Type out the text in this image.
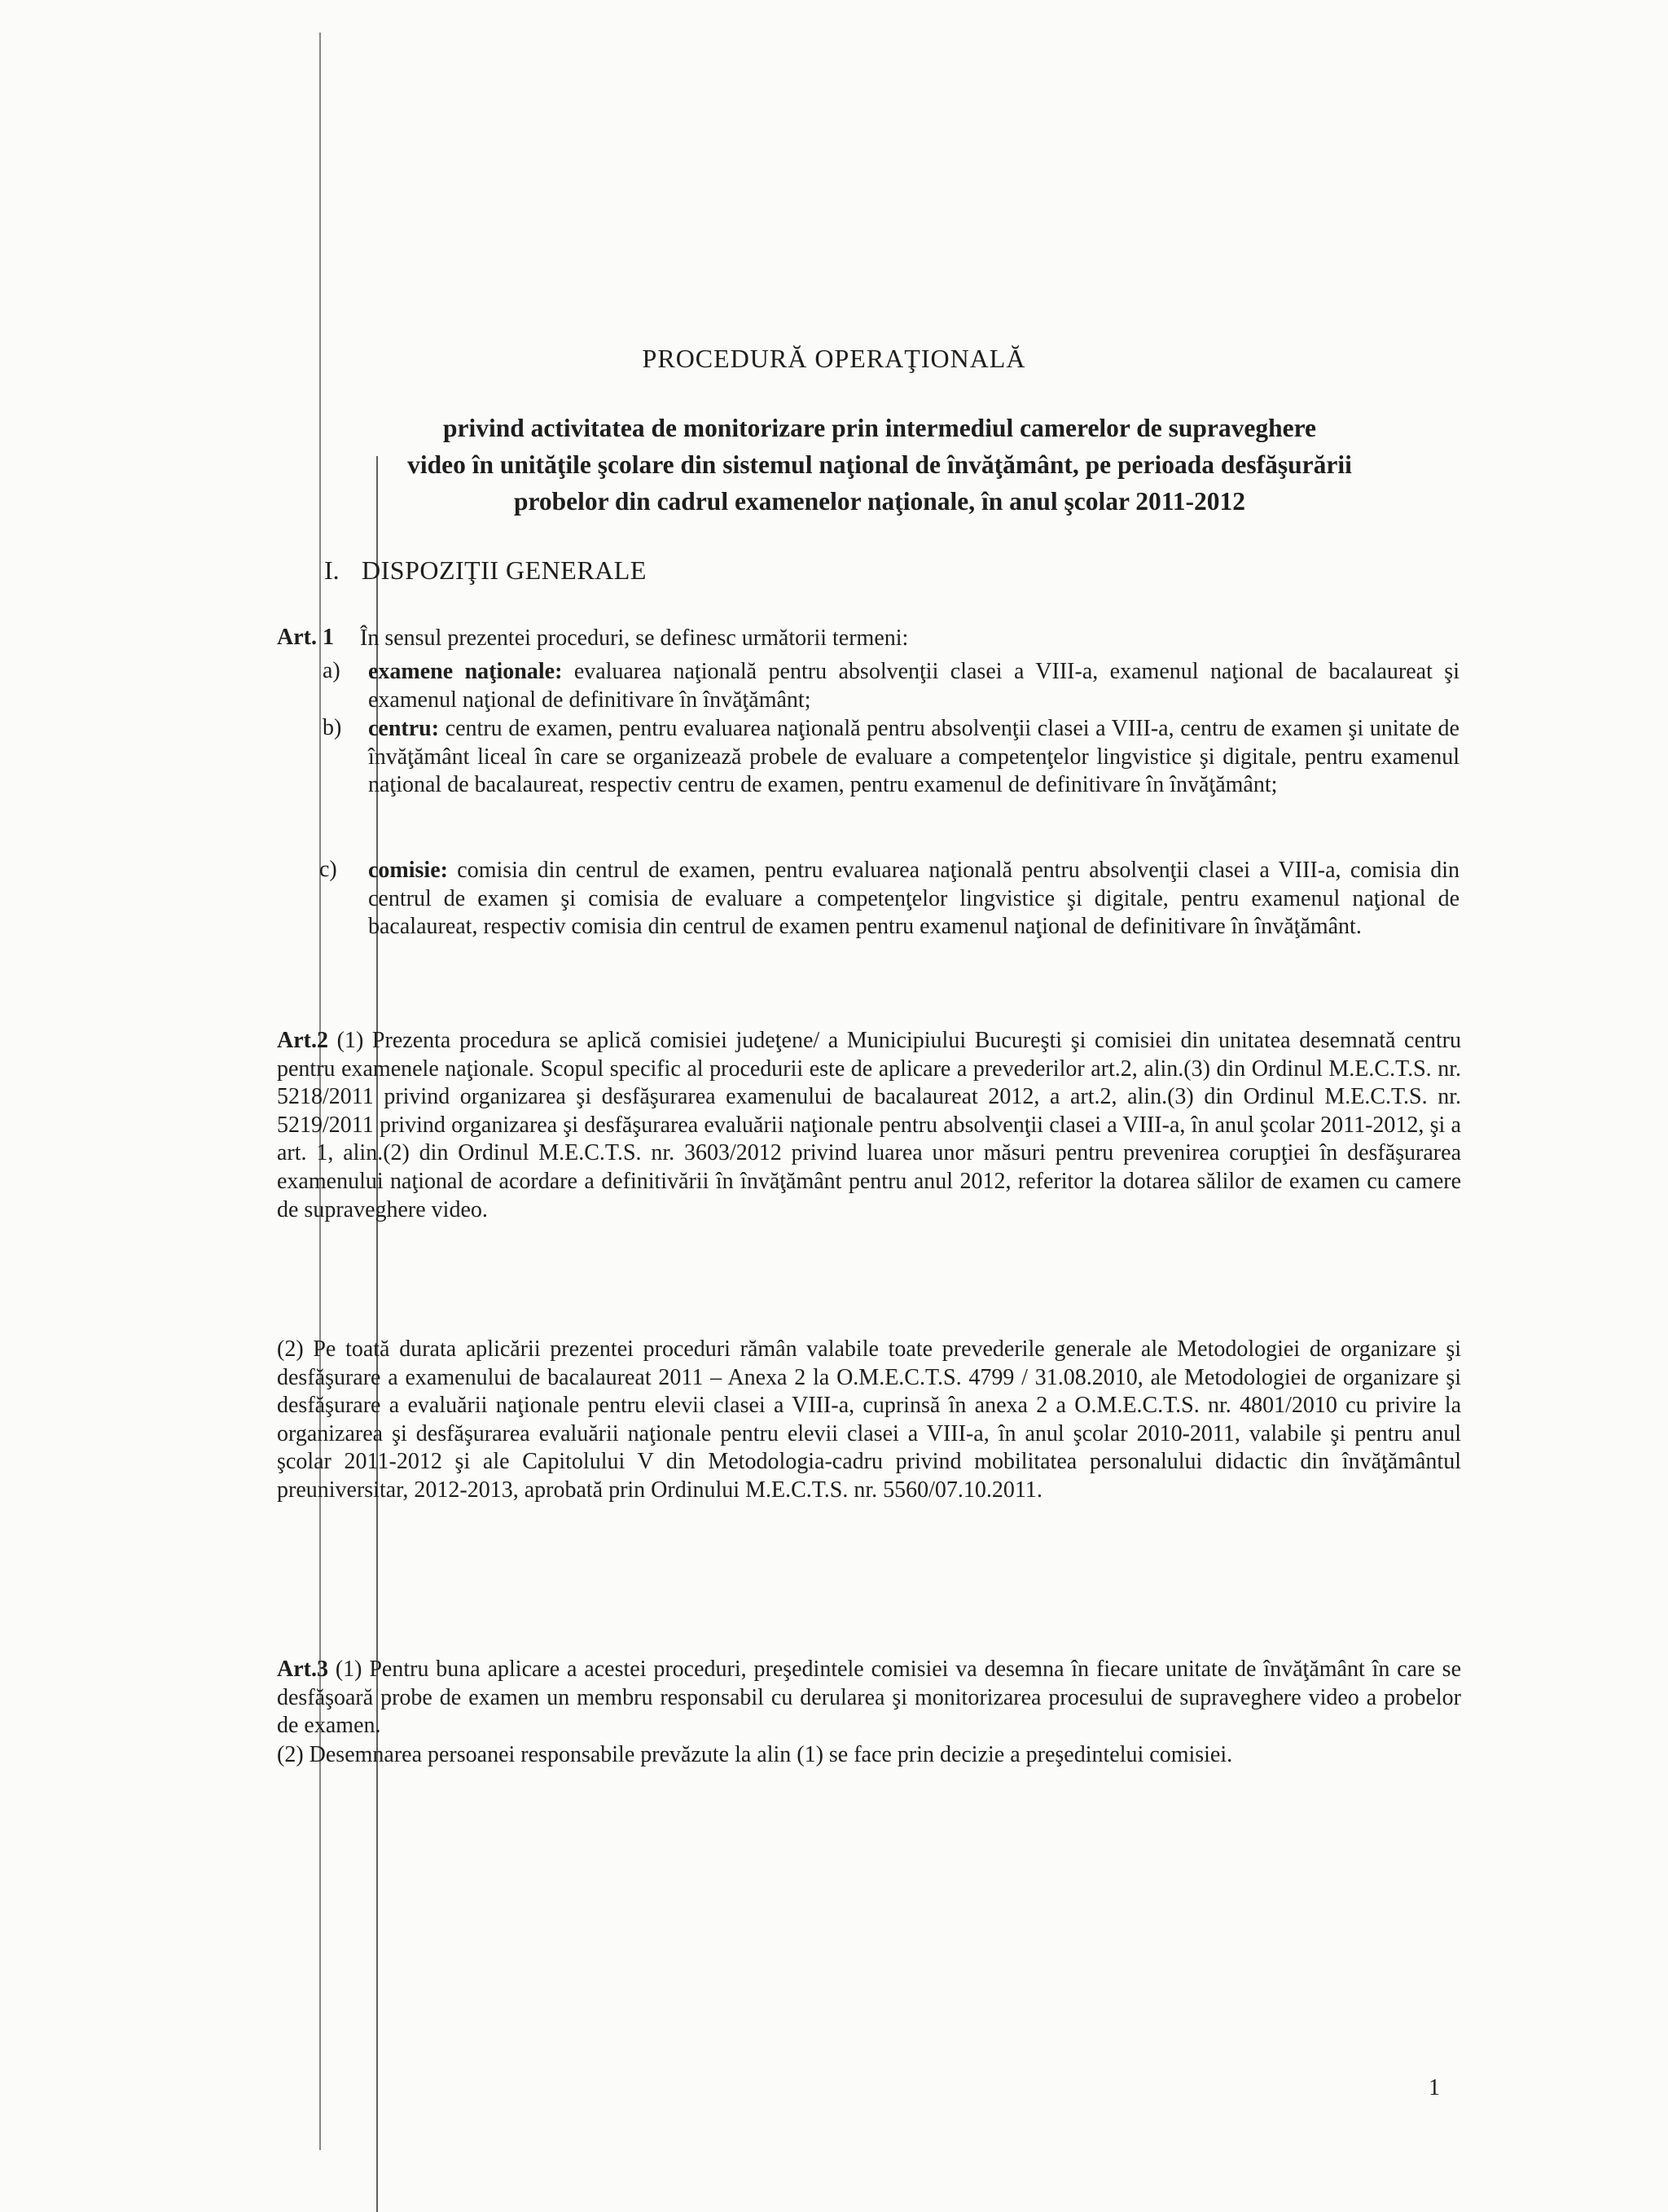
PROCEDURĂ OPERAŢIONALĂ
privind activitatea de monitorizare prin intermediul camerelor de supraveghere
video în unităţile şcolare din sistemul naţional de învăţământ, pe perioada desfăşurării
probelor din cadrul examenelor naţionale, în anul şcolar 2011-2012
I. DISPOZIŢII GENERALE
Art. 1 În sensul prezentei proceduri, se definesc următorii termeni:

a) examene naţionale: evaluarea naţională pentru absolvenţii clasei a VIII-a, examenul naţional de bacalaureat şi examenul naţional de definitivare în învăţământ;

b) centru: centru de examen, pentru evaluarea naţională pentru absolvenţii clasei a VIII-a, centru de examen şi unitate de învăţământ liceal în care se organizează probele de evaluare a competenţelor lingvistice şi digitale, pentru examenul naţional de bacalaureat, respectiv centru de examen, pentru examenul de definitivare în învăţământ;

c) comisie: comisia din centrul de examen, pentru evaluarea naţională pentru absolvenţii clasei a VIII-a, comisia din centrul de examen şi comisia de evaluare a competenţelor lingvistice şi digitale, pentru examenul naţional de bacalaureat, respectiv comisia din centrul de examen pentru examenul naţional de definitivare în învăţământ.

Art.2 (1) Prezenta procedura se aplică comisiei judeţene/ a Municipiului Bucureşti şi comisiei din unitatea desemnată centru pentru examenele naţionale. Scopul specific al procedurii este de aplicare a prevederilor art.2, alin.(3) din Ordinul M.E.C.T.S. nr. 5218/2011 privind organizarea şi desfăşurarea examenului de bacalaureat 2012, a art.2, alin.(3) din Ordinul M.E.C.T.S. nr. 5219/2011 privind organizarea şi desfăşurarea evaluării naţionale pentru absolvenţii clasei a VIII-a, în anul şcolar 2011-2012, şi a art. 1, alin.(2) din Ordinul M.E.C.T.S. nr. 3603/2012 privind luarea unor măsuri pentru prevenirea corupţiei în desfăşurarea examenului naţional de acordare a definitivării în învăţământ pentru anul 2012, referitor la dotarea sălilor de examen cu camere de supraveghere video.

(2) Pe toată durata aplicării prezentei proceduri rămân valabile toate prevederile generale ale Metodologiei de organizare şi desfăşurare a examenului de bacalaureat 2011 – Anexa 2 la O.M.E.C.T.S. 4799 / 31.08.2010, ale Metodologiei de organizare şi desfăşurare a evaluării naţionale pentru elevii clasei a VIII-a, cuprinsă în anexa 2 a O.M.E.C.T.S. nr. 4801/2010 cu privire la organizarea şi desfăşurarea evaluării naţionale pentru elevii clasei a VIII-a, în anul şcolar 2010-2011, valabile şi pentru anul şcolar 2011-2012 şi ale Capitolului V din Metodologia-cadru privind mobilitatea personalului didactic din învăţământul preuniversitar, 2012-2013, aprobată prin Ordinului M.E.C.T.S. nr. 5560/07.10.2011.

Art.3 (1) Pentru buna aplicare a acestei proceduri, preşedintele comisiei va desemna în fiecare unitate de învăţământ în care se desfăşoară probe de examen un membru responsabil cu derularea şi monitorizarea procesului de supraveghere video a probelor de examen.

(2) Desemnarea persoanei responsabile prevăzute la alin (1) se face prin decizie a preşedintelui comisiei.

1
